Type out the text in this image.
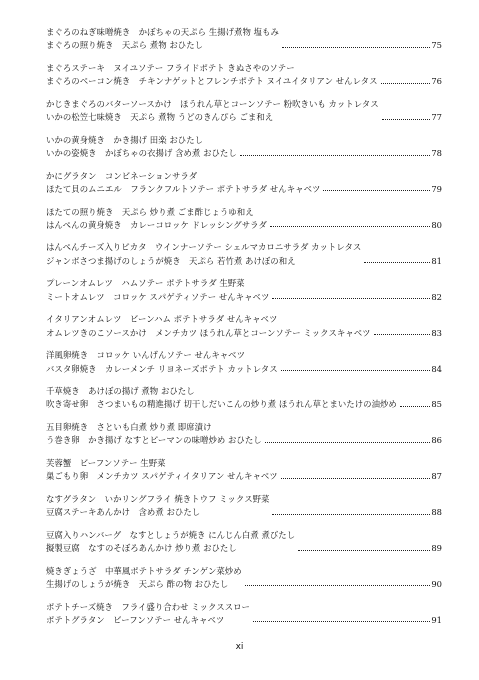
まぐろのねぎ味噌焼き　かぼちゃの天ぷら 生揚げ煮物 塩もみ
まぐろの照り焼き　天ぷら 煮物 おひたし	75
まぐろステーキ　ヌイユソテー フライドポテト きぬさやのソテー
まぐろのベーコン焼き　チキンナゲットとフレンチポテト ヌイユイタリアン せんレタス	76
かじきまぐろのバターソースかけ　ほうれん草とコーンソテー 粉吹きいも カットレタス
いかの松笠七味焼き　天ぷら 煮物 うどのきんぴら ごま和え	77
いかの黄身焼き　かき揚げ 田楽 おひたし
いかの姿焼き　かぼちゃの衣揚げ 含め煮 おひたし	78
かにグラタン　コンビネーションサラダ
ほたて貝のムニエル　フランクフルトソテー ポテトサラダ せんキャベツ	79
ほたての照り焼き　天ぷら 炒り煮 ごま酢じょうゆ和え
はんぺんの黄身焼き　カレーコロッケ ドレッシングサラダ	80
はんぺんチーズ入りピカタ　ウインナーソテー シェルマカロニサラダ カットレタス
ジャンボさつま揚げのしょうが焼き　天ぷら 若竹煮 あけぼの和え	81
プレーンオムレツ　ハムソテー ポテトサラダ 生野菜
ミートオムレツ　コロッケ スパゲティソテー せんキャベツ	82
イタリアンオムレツ　ビーンハム ポテトサラダ せんキャベツ
オムレツきのこソースかけ　メンチカツ ほうれん草とコーンソテー ミックスキャベツ	83
洋風卵焼き　コロッケ いんげんソテー せんキャベツ
バスタ卵焼き　カレーメンチ リヨネーズポテト カットレタス	84
千草焼き　あけぼの揚げ 煮物 おひたし
吹き寄せ卵　さつまいもの精進揚げ 切干しだいこんの炒り煮 ほうれん草とまいたけの油炒め	85
五目卵焼き　さといも白煮 炒り煮 即席漬け
う巻き卵　かき揚げ なすとピーマンの味噌炒め おひたし	86
芙蓉蟹　ビーフンソテー 生野菜
巣ごもり卵　メンチカツ スパゲティイタリアン せんキャベツ	87
なすグラタン　いかリングフライ 焼きトウフ ミックス野菜
豆腐ステーキあんかけ　含め煮 おひたし	88
豆腐入りハンバーグ　なすとしょうが焼き にんじん白煮 煮びたし
擬製豆腐　なすのそぼろあんかけ 炒り煮 おひたし	89
焼きぎょうざ　中華風ポテトサラダ チンゲン菜炒め
生揚げのしょうが焼き　天ぷら 酢の物 おひたし	90
ポテトチーズ焼き　フライ盛り合わせ ミックススロー
ポテトグラタン　ビーフンソテー せんキャベツ	91
xi
